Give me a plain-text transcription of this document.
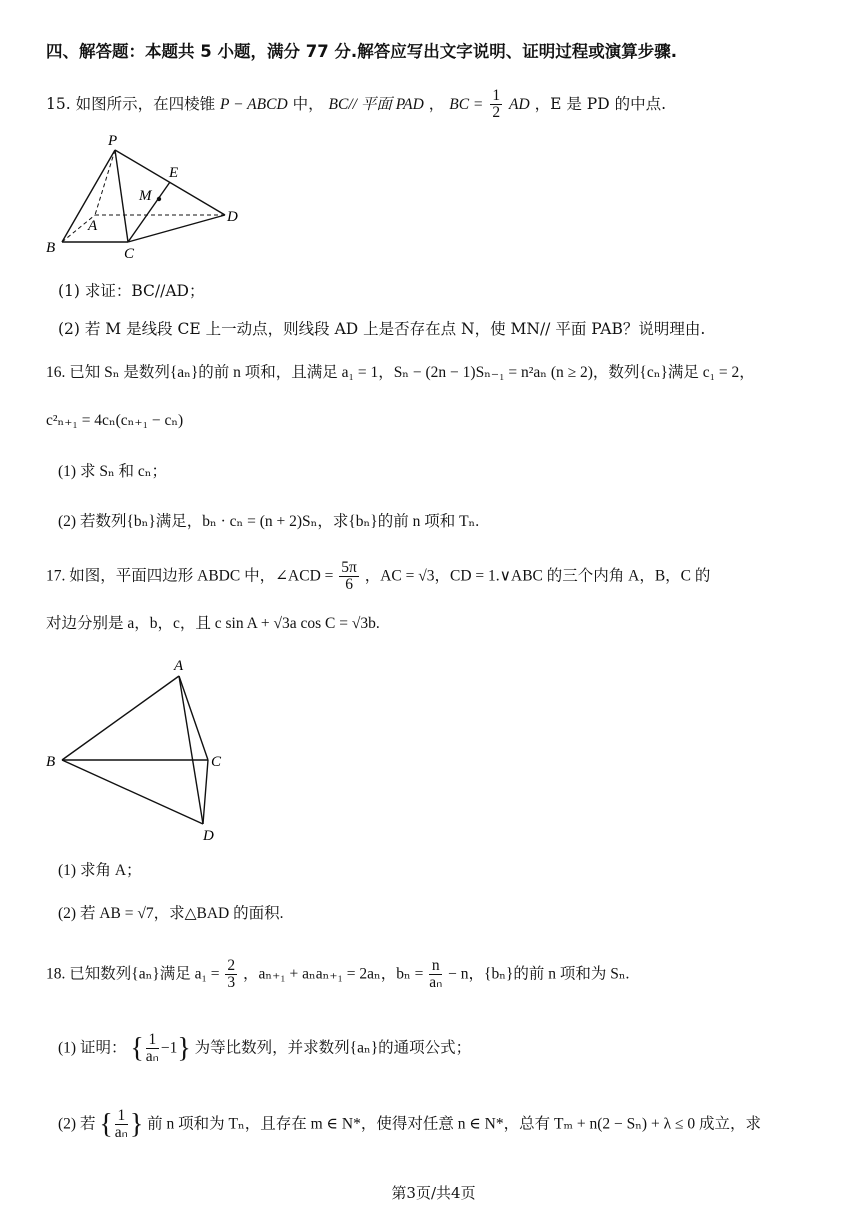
四、解答题：本题共 5 小题，满分 77 分.解答应写出文字说明、证明过程或演算步骤.
15. 如图所示，在四棱锥 P − ABCD 中， BC// 平面 PAD ， BC = $\frac{1}{2}$ AD ，E 是 PD 的中点.
P
E
M
A
D
B	C
(1) 求证：BC//AD；
(2) 若 M 是线段 CE 上一动点，则线段 AD 上是否存在点 N，使 MN// 平面 PAB？说明理由.
16. 已知 Sₙ 是数列{aₙ}的前 n 项和，且满足 a₁ = 1，Sₙ − (2n − 1)Sₙ₋₁ = n²aₙ (n ≥ 2)，数列{cₙ}满足 c₁ = 2，
c²ₙ₊₁ = 4cₙ(cₙ₊₁ − cₙ)
(1) 求 Sₙ 和 cₙ；
(2) 若数列{bₙ}满足，bₙ · cₙ = (n + 2)Sₙ，求{bₙ}的前 n 项和 Tₙ.
17. 如图，平面四边形 ABDC 中，∠ACD = $\frac{5\pi}{6}$ ，AC = √3，CD = 1.∨ABC 的三个内角 A，B，C 的
对边分别是 a，b，c，且 c sin A + √3a cos C = √3b.
A
B	C
D
(1) 求角 A；
(2) 若 AB = √7，求△BAD 的面积.
18. 已知数列{aₙ}满足 $a_1 = \frac{2}{3}$ ，aₙ₊₁ + aₙaₙ₊₁ = 2aₙ，$b_n = \frac{n}{\text{aₙ}} - n$，{bₙ}的前 n 项和为 Sₙ.
(1) 证明： { $\frac{1}{\text{aₙ}} -1$} 为等比数列，并求数列{aₙ}的通项公式；
(2) 若 { $\frac{1}{\text{aₙ}}$ } 前 n 项和为 Tₙ，且存在 m ∈ N*，使得对任意 n ∈ N*，总有 Tₘ + n(2 − Sₙ) + λ ≤ 0 成立，求
第3页/共4页
